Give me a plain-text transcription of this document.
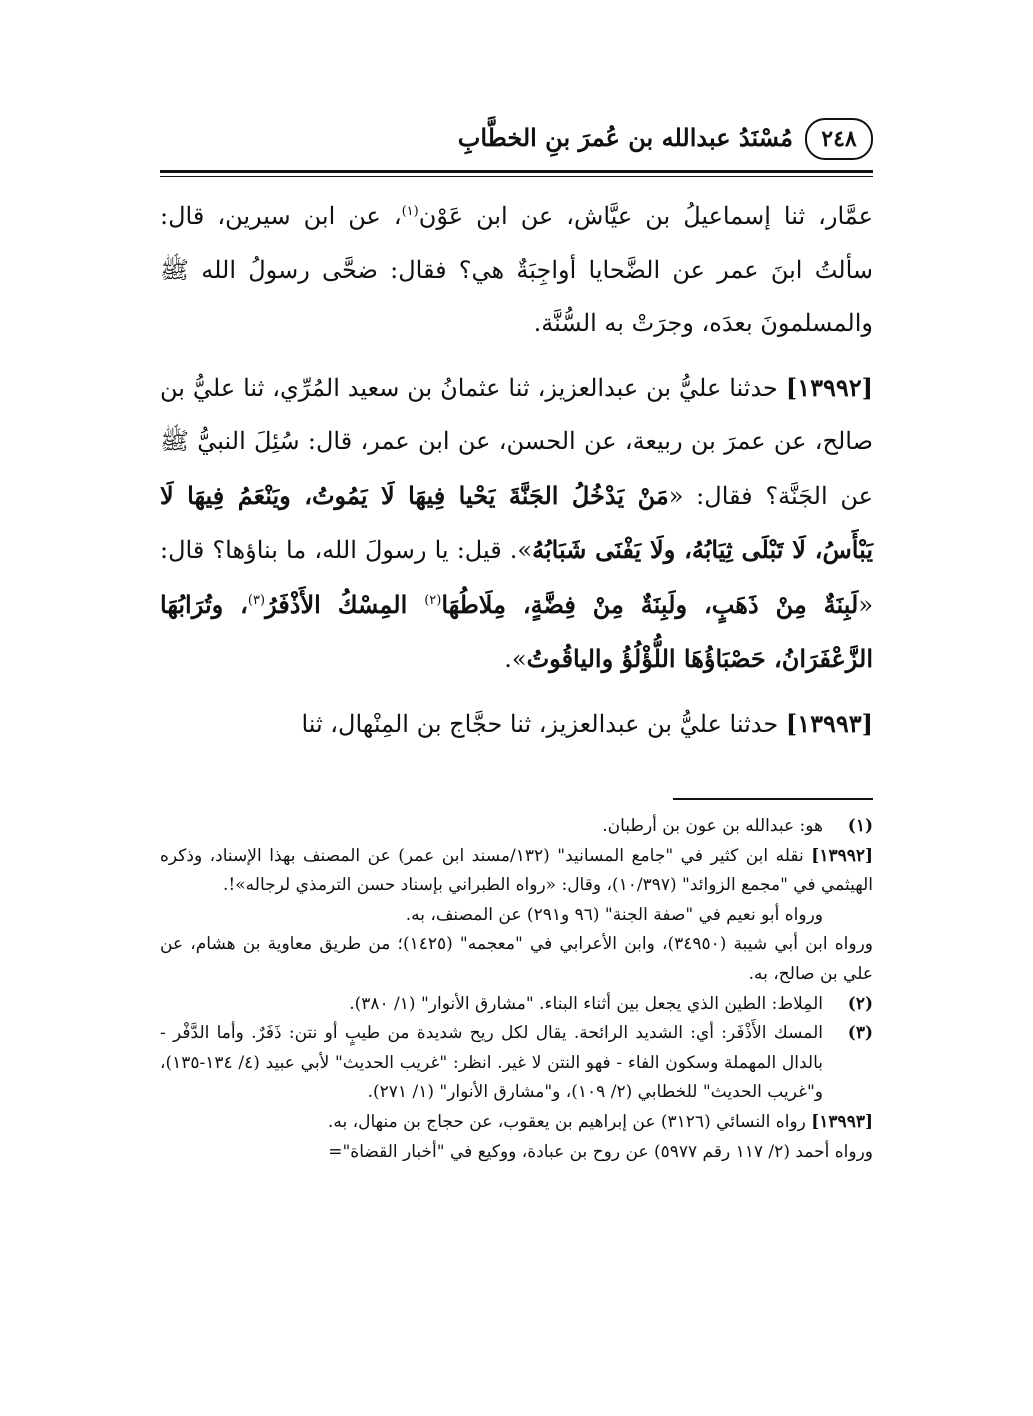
٢٤٨
مُسْنَدُ عبدالله بن عُمرَ بنِ الخطَّابِ

عمَّار، ثنا إسماعيلُ بن عيَّاش، عن ابن عَوْن$^{(١)}$، عن ابن سيرين، قال: سألتُ ابنَ عمر عن الضَّحايا أواجِبَةٌ هي؟ فقال: ضحَّى رسولُ الله ﷺ والمسلمونَ بعدَه، وجرَتْ به السُّنَّة.

[١٣٩٩٢] حدثنا عليُّ بن عبدالعزيز، ثنا عثمانُ بن سعيد المُرِّي، ثنا عليُّ بن صالح، عن عمرَ بن ربيعة، عن الحسن، عن ابن عمر، قال: سُئِلَ النبيُّ ﷺ عن الجَنَّة؟ فقال: «مَنْ يَدْخُلُ الجَنَّةَ يَحْيا فِيهَا لَا يَمُوتُ، ويَنْعَمُ فِيهَا لَا يَبْأَسُ، لَا تَبْلَى ثِيَابُهُ، ولَا يَفْنَى شَبَابُهُ». قيل: يا رسولَ الله، ما بناؤها؟ قال: «لَبِنَةٌ مِنْ ذَهَبٍ، ولَبِنَةٌ مِنْ فِضَّةٍ، مِلَاطُهَا$^{(٢)}$ المِسْكُ الأَذْفَرُ$^{(٣)}$، وتُرَابُهَا الزَّعْفَرَانُ، حَصْبَاؤُهَا اللُّؤْلُؤُ والياقُوتُ».

[١٣٩٩٣] حدثنا عليُّ بن عبدالعزيز، ثنا حجَّاج بن المِنْهال، ثنا

(١)
هو: عبدالله بن عون بن أرطبان.

[١٣٩٩٢] نقله ابن كثير في "جامع المسانيد" (١٣٢/مسند ابن عمر) عن المصنف بهذا الإسناد، وذكره الهيثمي في "مجمع الزوائد" (١٠/٣٩٧)، وقال: «رواه الطبراني بإسناد حسن الترمذي لرجاله»!.

ورواه أبو نعيم في "صفة الجنة" (٩٦ و٢٩١) عن المصنف، به.

ورواه ابن أبي شيبة (٣٤٩٥٠)، وابن الأعرابي في "معجمه" (١٤٢٥)؛ من طريق معاوية بن هشام، عن علي بن صالح، به.

(٢)
المِلاط: الطين الذي يجعل بين أثناء البناء. "مشارق الأنوار" (١/ ٣٨٠).
(٣)
المسك الأَذْفَر: أي: الشديد الرائحة. يقال لكل ريح شديدة من طيبٍ أو نتن: ذَفَرٌ. وأما الدَّفْر - بالدال المهملة وسكون الفاء - فهو النتن لا غير. انظر: "غريب الحديث" لأبي عبيد (٤/ ١٣٤-١٣٥)، و"غريب الحديث" للخطابي (٢/ ١٠٩)، و"مشارق الأنوار" (١/ ٢٧١).

[١٣٩٩٣] رواه النسائي (٣١٢٦) عن إبراهيم بن يعقوب، عن حجاج بن منهال، به.

ورواه أحمد (٢/ ١١٧ رقم ٥٩٧٧) عن روح بن عبادة، ووكيع في "أخبار القضاة"=
